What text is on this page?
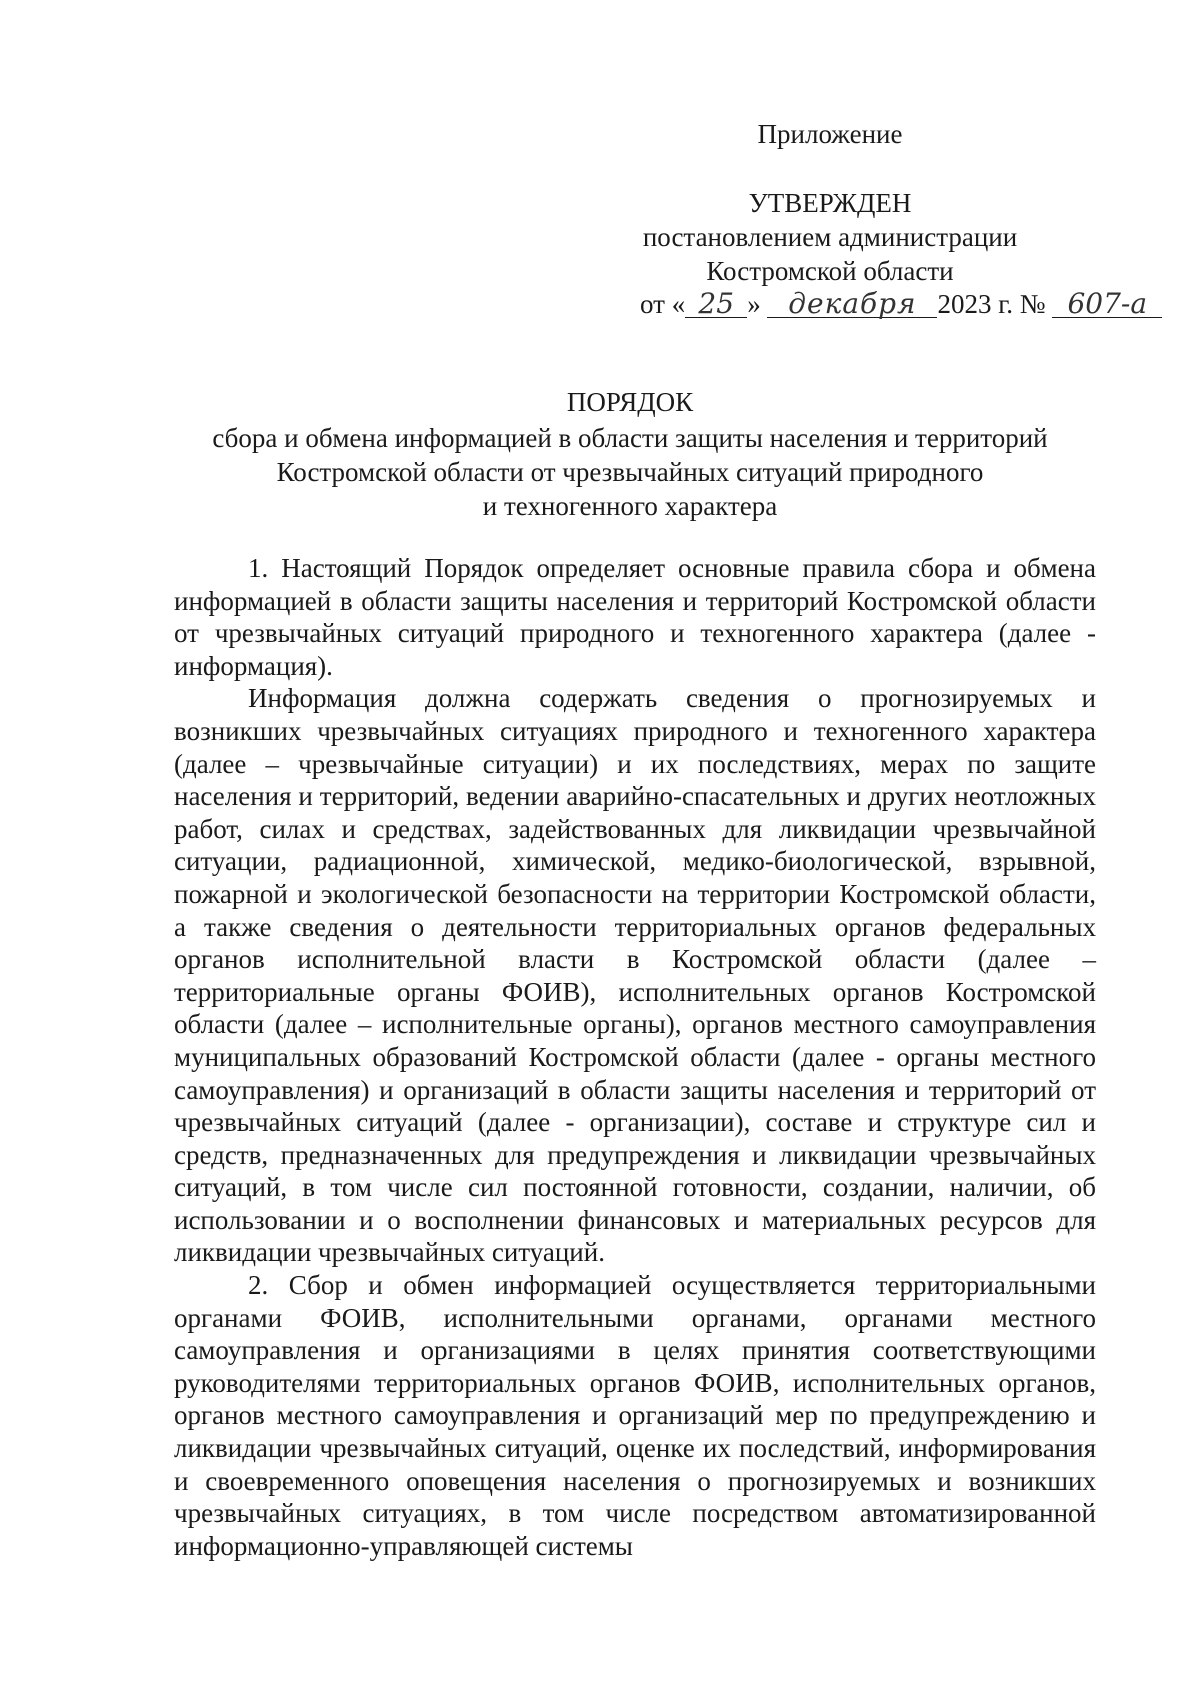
Приложение
УТВЕРЖДЕН
постановлением администрации
Костромской области
от « 25 » декабря 2023 г. № 607-а
ПОРЯДОК
сбора и обмена информацией в области защиты населения и территорий
Костромской области от чрезвычайных ситуаций природного
и техногенного характера

1. Настоящий Порядок определяет основные правила сбора и обмена информацией в области защиты населения и территорий Костромской области от чрезвычайных ситуаций природного и техногенного характера (далее - информация).

Информация должна содержать сведения о прогнозируемых и возникших чрезвычайных ситуациях природного и техногенного характера (далее – чрезвычайные ситуации) и их последствиях, мерах по защите населения и территорий, ведении аварийно-спасательных и других неотложных работ, силах и средствах, задействованных для ликвидации чрезвычайной ситуации, радиационной, химической, медико-биологической, взрывной, пожарной и экологической безопасности на территории Костромской области, а также сведения о деятельности территориальных органов федеральных органов исполнительной власти в Костромской области (далее – территориальные органы ФОИВ), исполнительных органов Костромской области (далее – исполнительные органы), органов местного самоуправления муниципальных образований Костромской области (далее - органы местного самоуправления) и организаций в области защиты населения и территорий от чрезвычайных ситуаций (далее - организации), составе и структуре сил и средств, предназначенных для предупреждения и ликвидации чрезвычайных ситуаций, в том числе сил постоянной готовности, создании, наличии, об использовании и о восполнении финансовых и материальных ресурсов для ликвидации чрезвычайных ситуаций.

2. Сбор и обмен информацией осуществляется территориальными органами ФОИВ, исполнительными органами, органами местного самоуправления и организациями в целях принятия соответствующими руководителями территориальных органов ФОИВ, исполнительных органов, органов местного самоуправления и организаций мер по предупреждению и ликвидации чрезвычайных ситуаций, оценке их последствий, информирования и своевременного оповещения населения о прогнозируемых и возникших чрезвычайных ситуациях, в том числе посредством автоматизированной информационно-управляющей системы
